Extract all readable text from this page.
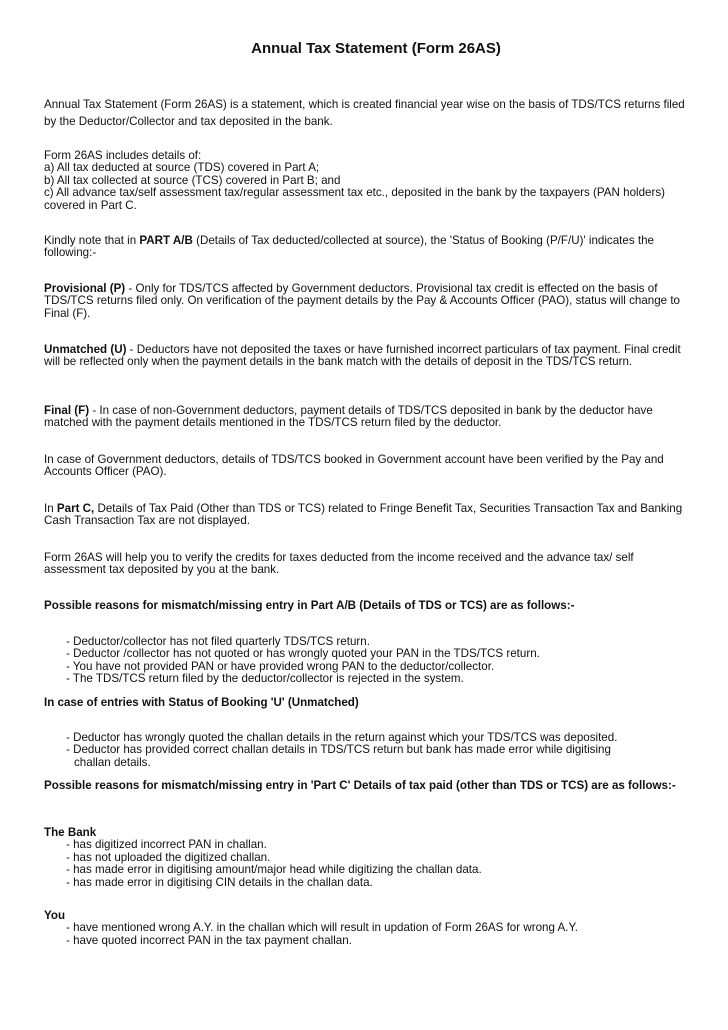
Annual Tax Statement (Form 26AS)

Annual Tax Statement (Form 26AS) is a statement, which is created financial year wise on the basis of TDS/TCS returns filed by the Deductor/Collector and tax deposited in the bank.

Form 26AS includes details of:
a) All tax deducted at source (TDS) covered in Part A;
b) All tax collected at source (TCS) covered in Part B; and
c) All advance tax/self assessment tax/regular assessment tax etc., deposited in the bank by the taxpayers (PAN holders) covered in Part C.

Kindly note that in PART A/B (Details of Tax deducted/collected at source), the 'Status of Booking (P/F/U)' indicates the following:-

Provisional (P) - Only for TDS/TCS affected by Government deductors. Provisional tax credit is effected on the basis of TDS/TCS returns filed only. On verification of the payment details by the Pay & Accounts Officer (PAO), status will change to Final (F).

Unmatched (U) - Deductors have not deposited the taxes or have furnished incorrect particulars of tax payment. Final credit will be reflected only when the payment details in the bank match with the details of deposit in the TDS/TCS return.

Final (F) - In case of non-Government deductors, payment details of TDS/TCS deposited in bank by the deductor have matched with the payment details mentioned in the TDS/TCS return filed by the deductor.

In case of Government deductors, details of TDS/TCS booked in Government account have been verified by the Pay and Accounts Officer (PAO).

In Part C, Details of Tax Paid (Other than TDS or TCS) related to Fringe Benefit Tax, Securities Transaction Tax and Banking Cash Transaction Tax are not displayed.

Form 26AS will help you to verify the credits for taxes deducted from the income received and the advance tax/ self assessment tax deposited by you at the bank.

Possible reasons for mismatch/missing entry in Part A/B (Details of TDS or TCS) are as follows:-
- Deductor/collector has not filed quarterly TDS/TCS return.
- Deductor /collector has not quoted or has wrongly quoted your PAN in the TDS/TCS return.
- You have not provided PAN or have provided wrong PAN to the deductor/collector.
- The TDS/TCS return filed by the deductor/collector is rejected in the system.
In case of entries with Status of Booking 'U' (Unmatched)
- Deductor has wrongly quoted the challan details in the return against which your TDS/TCS was deposited.
- Deductor has provided correct challan details in TDS/TCS return but bank has made error while digitising
challan details.
Possible reasons for mismatch/missing entry in 'Part C' Details of tax paid (other than TDS or TCS) are as follows:-
The Bank
- has digitized incorrect PAN in challan.
- has not uploaded the digitized challan.
- has made error in digitising amount/major head while digitizing the challan data.
- has made error in digitising CIN details in the challan data.
You
- have mentioned wrong A.Y. in the challan which will result in updation of Form 26AS for wrong A.Y.
- have quoted incorrect PAN in the tax payment challan.
